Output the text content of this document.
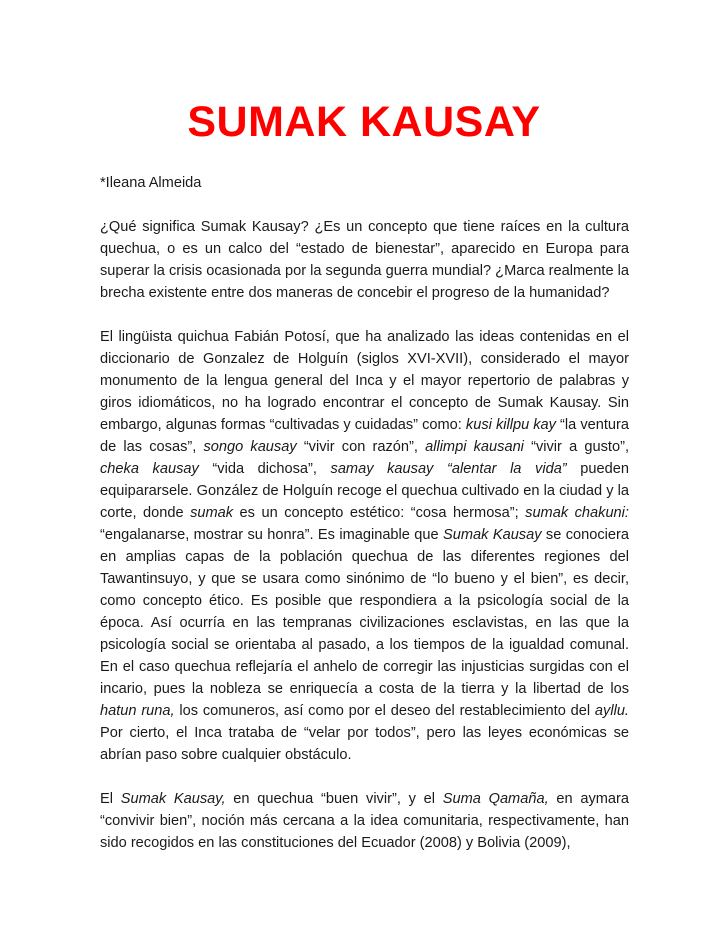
SUMAK KAUSAY

*Ileana Almeida

¿Qué significa Sumak Kausay? ¿Es un concepto que tiene raíces en la cultura quechua, o es un calco del “estado de bienestar”, aparecido en Europa para superar la crisis ocasionada por la segunda guerra mundial? ¿Marca realmente la brecha existente entre dos maneras de concebir el progreso de la humanidad?

El lingüista quichua Fabián Potosí, que ha analizado las ideas contenidas en el diccionario de Gonzalez de Holguín (siglos XVI-XVII), considerado el mayor monumento de la lengua general del Inca y el mayor repertorio de palabras y giros idiomáticos, no ha logrado encontrar el concepto de Sumak Kausay. Sin embargo, algunas formas “cultivadas y cuidadas” como: kusi killpu kay “la ventura de las cosas”, songo kausay “vivir con razón”, allimpi kausani “vivir a gusto”, cheka kausay “vida dichosa”, samay kausay “alentar la vida” pueden equipararsele. González de Holguín recoge el quechua cultivado en la ciudad y la corte, donde sumak es un concepto estético: “cosa hermosa”; sumak chakuni: “engalanarse, mostrar su honra”. Es imaginable que Sumak Kausay se conociera en amplias capas de la población quechua de las diferentes regiones del Tawantinsuyo, y que se usara como sinónimo de “lo bueno y el bien”, es decir, como concepto ético. Es posible que respondiera a la psicología social de la época. Así ocurría en las tempranas civilizaciones esclavistas, en las que la psicología social se orientaba al pasado, a los tiempos de la igualdad comunal. En el caso quechua reflejaría el anhelo de corregir las injusticias surgidas con el incario, pues la nobleza se enriquecía a costa de la tierra y la libertad de los hatun runa, los comuneros, así como por el deseo del restablecimiento del ayllu. Por cierto, el Inca trataba de “velar por todos”, pero las leyes económicas se abrían paso sobre cualquier obstáculo.

El Sumak Kausay, en quechua “buen vivir”, y el Suma Qamaña, en aymara “convivir bien”, noción más cercana a la idea comunitaria, respectivamente, han sido recogidos en las constituciones del Ecuador (2008) y Bolivia (2009),
